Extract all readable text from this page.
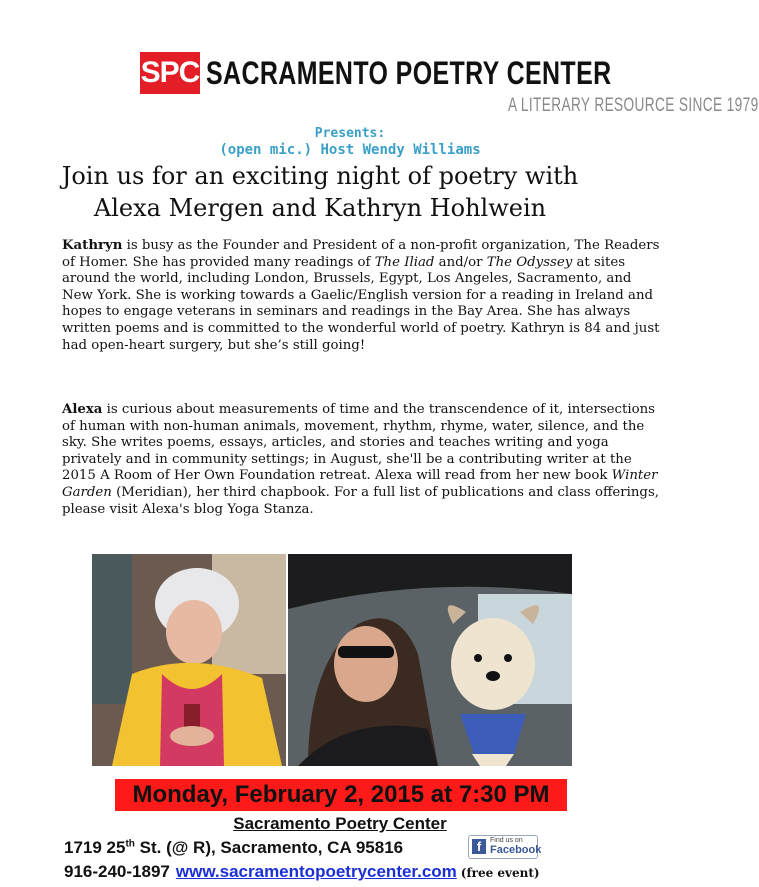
SPC SACRAMENTO POETRY CENTER
A LITERARY RESOURCE SINCE 1979
Presents:
(open mic.) Host Wendy Williams
Join us for an exciting night of poetry with
Alexa Mergen and Kathryn Hohlwein
Kathryn is busy as the Founder and President of a non-profit organization, The Readers of Homer. She has provided many readings of The Iliad and/or The Odyssey at sites around the world, including London, Brussels, Egypt, Los Angeles, Sacramento, and New York. She is working towards a Gaelic/English version for a reading in Ireland and hopes to engage veterans in seminars and readings in the Bay Area. She has always written poems and is committed to the wonderful world of poetry. Kathryn is 84 and just had open-heart surgery, but she’s still going!
Alexa is curious about measurements of time and the transcendence of it, intersections of human with non-human animals, movement, rhythm, rhyme, water, silence, and the sky. She writes poems, essays, articles, and stories and teaches writing and yoga privately and in community settings; in August, she'll be a contributing writer at the 2015 A Room of Her Own Foundation retreat. Alexa will read from her new book Winter Garden (Meridian), her third chapbook. For a full list of publications and class offerings, please visit Alexa's blog Yoga Stanza.
Monday, February 2, 2015 at 7:30 PM
Sacramento Poetry Center
1719 25th St. (@ R), Sacramento, CA 95816	f	Find us on
Facebook
916-240-1897 www.sacramentopoetrycenter.com (free event)
